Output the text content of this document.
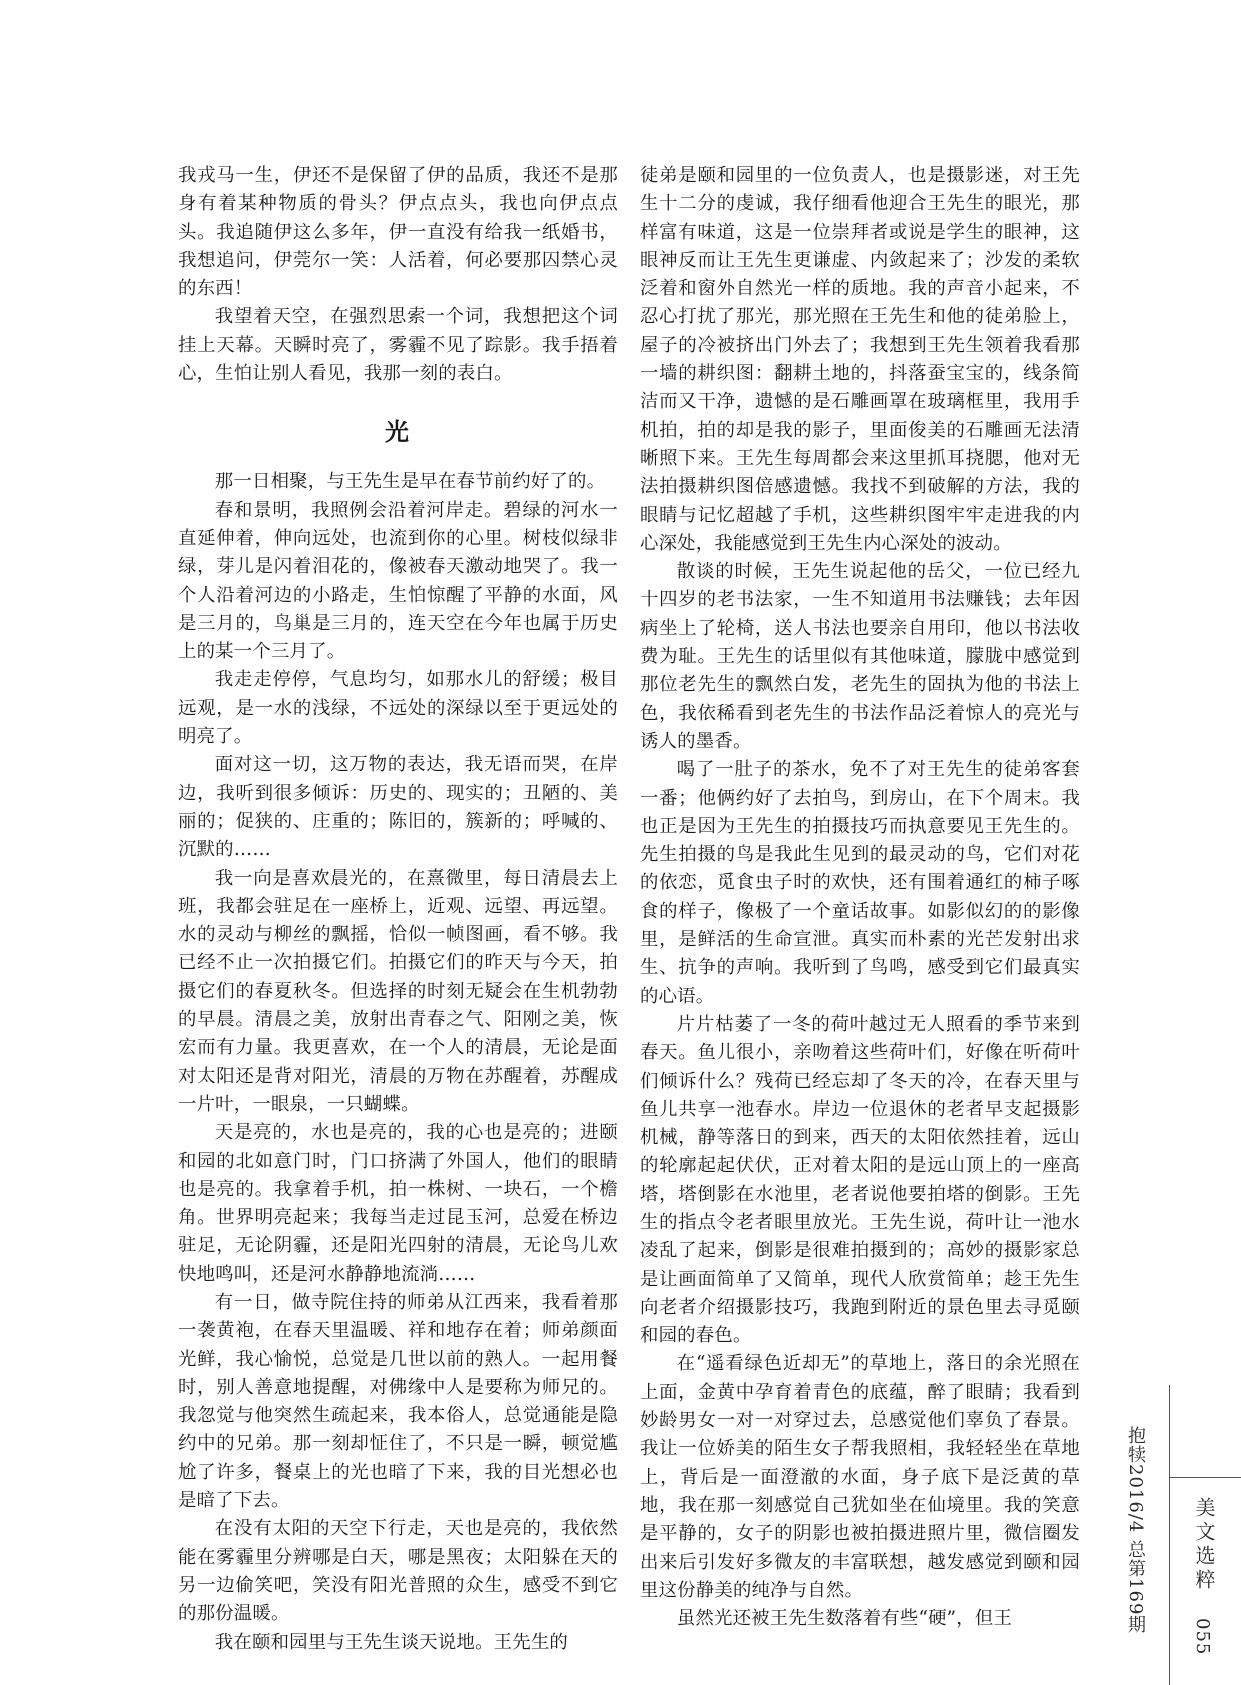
我戎马一生，伊还不是保留了伊的品质，我还不是那身有着某种物质的骨头？伊点点头，我也向伊点点头。我追随伊这么多年，伊一直没有给我一纸婚书，我想追问，伊莞尔一笑：人活着，何必要那囚禁心灵的东西！

我望着天空，在强烈思索一个词，我想把这个词挂上天幕。天瞬时亮了，雾霾不见了踪影。我手捂着心，生怕让别人看见，我那一刻的表白。

光

那一日相聚，与王先生是早在春节前约好了的。

春和景明，我照例会沿着河岸走。碧绿的河水一直延伸着，伸向远处，也流到你的心里。树枝似绿非绿，芽儿是闪着泪花的，像被春天激动地哭了。我一个人沿着河边的小路走，生怕惊醒了平静的水面，风是三月的，鸟巢是三月的，连天空在今年也属于历史上的某一个三月了。

我走走停停，气息均匀，如那水儿的舒缓；极目远观，是一水的浅绿，不远处的深绿以至于更远处的明亮了。

面对这一切，这万物的表达，我无语而哭，在岸边，我听到很多倾诉：历史的、现实的；丑陋的、美丽的；促狭的、庄重的；陈旧的，簇新的；呼喊的、沉默的……

我一向是喜欢晨光的，在熹微里，每日清晨去上班，我都会驻足在一座桥上，近观、远望、再远望。水的灵动与柳丝的飘摇，恰似一帧图画，看不够。我已经不止一次拍摄它们。拍摄它们的昨天与今天，拍摄它们的春夏秋冬。但选择的时刻无疑会在生机勃勃的早晨。清晨之美，放射出青春之气、阳刚之美，恢宏而有力量。我更喜欢，在一个人的清晨，无论是面对太阳还是背对阳光，清晨的万物在苏醒着，苏醒成一片叶，一眼泉，一只蝴蝶。

天是亮的，水也是亮的，我的心也是亮的；进颐和园的北如意门时，门口挤满了外国人，他们的眼睛也是亮的。我拿着手机，拍一株树、一块石，一个檐角。世界明亮起来；我每当走过昆玉河，总爱在桥边驻足，无论阴霾，还是阳光四射的清晨，无论鸟儿欢快地鸣叫，还是河水静静地流淌……

有一日，做寺院住持的师弟从江西来，我看着那一袭黄袍，在春天里温暖、祥和地存在着；师弟颜面光鲜，我心愉悦，总觉是几世以前的熟人。一起用餐时，别人善意地提醒，对佛缘中人是要称为师兄的。我忽觉与他突然生疏起来，我本俗人，总觉通能是隐约中的兄弟。那一刻却怔住了，不只是一瞬，顿觉尴尬了许多，餐桌上的光也暗了下来，我的目光想必也是暗了下去。

在没有太阳的天空下行走，天也是亮的，我依然能在雾霾里分辨哪是白天，哪是黑夜；太阳躲在天的另一边偷笑吧，笑没有阳光普照的众生，感受不到它的那份温暖。

我在颐和园里与王先生谈天说地。王先生的

徒弟是颐和园里的一位负责人，也是摄影迷，对王先生十二分的虔诚，我仔细看他迎合王先生的眼光，那样富有味道，这是一位崇拜者或说是学生的眼神，这眼神反而让王先生更谦虚、内敛起来了；沙发的柔软泛着和窗外自然光一样的质地。我的声音小起来，不忍心打扰了那光，那光照在王先生和他的徒弟脸上，屋子的冷被挤出门外去了；我想到王先生领着我看那一墙的耕织图：翻耕土地的，抖落蚕宝宝的，线条简洁而又干净，遗憾的是石雕画罩在玻璃框里，我用手机拍，拍的却是我的影子，里面俊美的石雕画无法清晰照下来。王先生每周都会来这里抓耳挠腮，他对无法拍摄耕织图倍感遗憾。我找不到破解的方法，我的眼睛与记忆超越了手机，这些耕织图牢牢走进我的内心深处，我能感觉到王先生内心深处的波动。

散谈的时候，王先生说起他的岳父，一位已经九十四岁的老书法家，一生不知道用书法赚钱；去年因病坐上了轮椅，送人书法也要亲自用印，他以书法收费为耻。王先生的话里似有其他味道，朦胧中感觉到那位老先生的飘然白发，老先生的固执为他的书法上色，我依稀看到老先生的书法作品泛着惊人的亮光与诱人的墨香。

喝了一肚子的茶水，免不了对王先生的徒弟客套一番；他俩约好了去拍鸟，到房山，在下个周末。我也正是因为王先生的拍摄技巧而执意要见王先生的。先生拍摄的鸟是我此生见到的最灵动的鸟，它们对花的依恋，觅食虫子时的欢快，还有围着通红的柿子啄食的样子，像极了一个童话故事。如影似幻的的影像里，是鲜活的生命宣泄。真实而朴素的光芒发射出求生、抗争的声响。我听到了鸟鸣，感受到它们最真实的心语。

片片枯萎了一冬的荷叶越过无人照看的季节来到春天。鱼儿很小，亲吻着这些荷叶们，好像在听荷叶们倾诉什么？残荷已经忘却了冬天的冷，在春天里与鱼儿共享一池春水。岸边一位退休的老者早支起摄影机械，静等落日的到来，西天的太阳依然挂着，远山的轮廓起起伏伏，正对着太阳的是远山顶上的一座高塔，塔倒影在水池里，老者说他要拍塔的倒影。王先生的指点令老者眼里放光。王先生说，荷叶让一池水凌乱了起来，倒影是很难拍摄到的；高妙的摄影家总是让画面简单了又简单，现代人欣赏简单；趁王先生向老者介绍摄影技巧，我跑到附近的景色里去寻觅颐和园的春色。

在“遥看绿色近却无”的草地上，落日的余光照在上面，金黄中孕育着青色的底蕴，醉了眼睛；我看到妙龄男女一对一对穿过去，总感觉他们辜负了春景。我让一位娇美的陌生女子帮我照相，我轻轻坐在草地上，背后是一面澄澈的水面，身子底下是泛黄的草地，我在那一刻感觉自己犹如坐在仙境里。我的笑意是平静的，女子的阴影也被拍摄进照片里，微信圈发出来后引发好多微友的丰富联想，越发感觉到颐和园里这份静美的纯净与自然。

虽然光还被王先生数落着有些“硬”，但王	抱犊2016/4 总第169期 美文选粹
055
